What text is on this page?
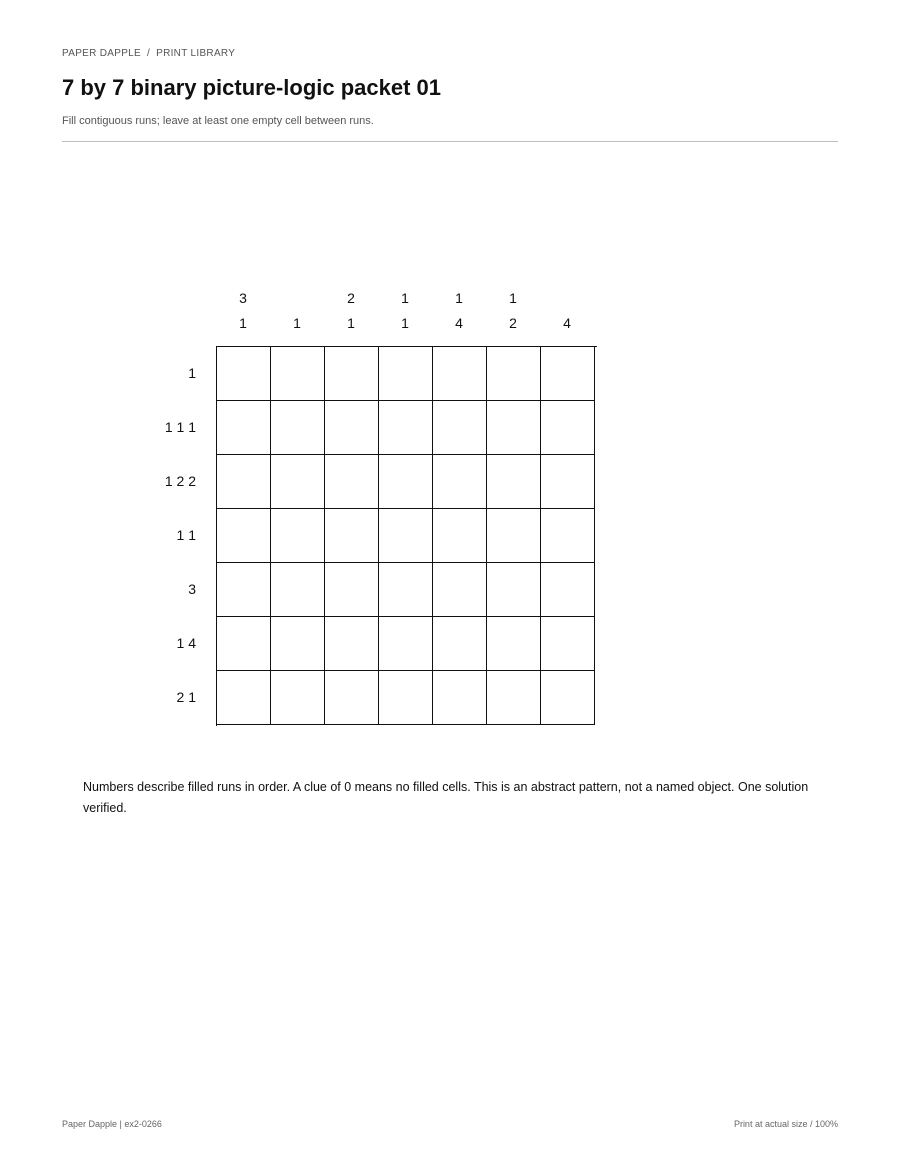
PAPER DAPPLE / PRINT LIBRARY
7 by 7 binary picture-logic packet 01
Fill contiguous runs; leave at least one empty cell between runs.
3
1	1
2
1
1
1
1
4
1
2	4
1
1 1 1
1 2 2
1 1
3
1 4
2 1
Numbers describe filled runs in order. A clue of 0 means no filled cells. This is an abstract pattern, not a named object. One solution verified.
Paper Dapple | ex2-0266	Print at actual size / 100%
